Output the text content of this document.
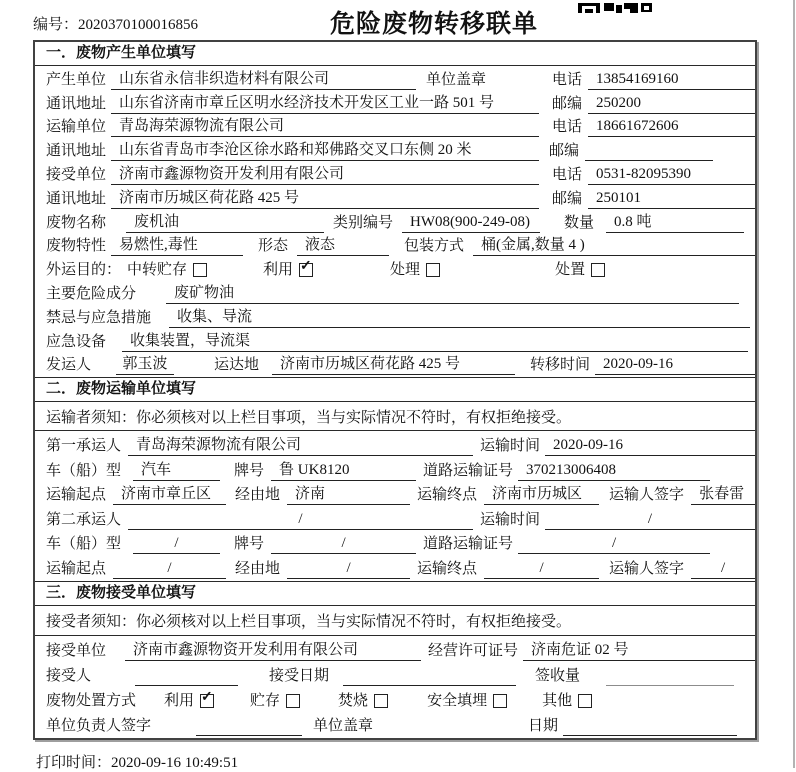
编号：2020370100016856	危险废物转移联单
一．废物产生单位填写
产生单位 山东省永信非织造材料有限公司	单位盖章	电话 13854169160
通讯地址 山东省济南市章丘区明水经济技术开发区工业一路 501 号	邮编 250200
运输单位 青岛海荣源物流有限公司	电话 18661672606
通讯地址 山东省青岛市李沧区徐水路和郑佛路交叉口东侧 20 米	邮编
接受单位 济南市鑫源物资开发利用有限公司	电话 0531-82095390
通讯地址 济南市历城区荷花路 425 号	邮编 250101
废物名称	废机油	类别编号	HW08(900-249-08)	数量	0.8 吨
废物特性 易燃性,毒性	形态	液态	包装方式	桶(金属,数量 4 )
外运目的： 中转贮存	利用 ✓	处理	处置
主要危险成分	废矿物油
禁忌与应急措施	收集、导流
应急设备	收集装置，导流渠
发运人	郭玉波	运达地	济南市历城区荷花路 425 号	转移时间 2020-09-16
二．废物运输单位填写
运输者须知： 你必须核对以上栏目事项，当与实际情况不符时，有权拒绝接受。
第一承运人	青岛海荣源物流有限公司	运输时间 2020-09-16
车（船）型	汽车	牌号	鲁 UK8120	道路运输证号 370213006408
运输起点	济南市章丘区	经由地	济南	运输终点	济南市历城区	运输人签字	张春雷
第二承运人	/	运输时间	/
车（船）型	/	牌号	/	道路运输证号	/
运输起点	/	经由地	/	运输终点	/	运输人签字	/
三．废物接受单位填写
接受者须知： 你必须核对以上栏目事项，当与实际情况不符时，有权拒绝接受。
接受单位	济南市鑫源物资开发利用有限公司	经营许可证号 济南危证 02 号
接受人	接受日期	签收量
废物处置方式 利用 ✓ 贮存	焚烧	安全填埋	其他
单位负责人签字	单位盖章	日期
打印时间：2020-09-16 10:49:51
